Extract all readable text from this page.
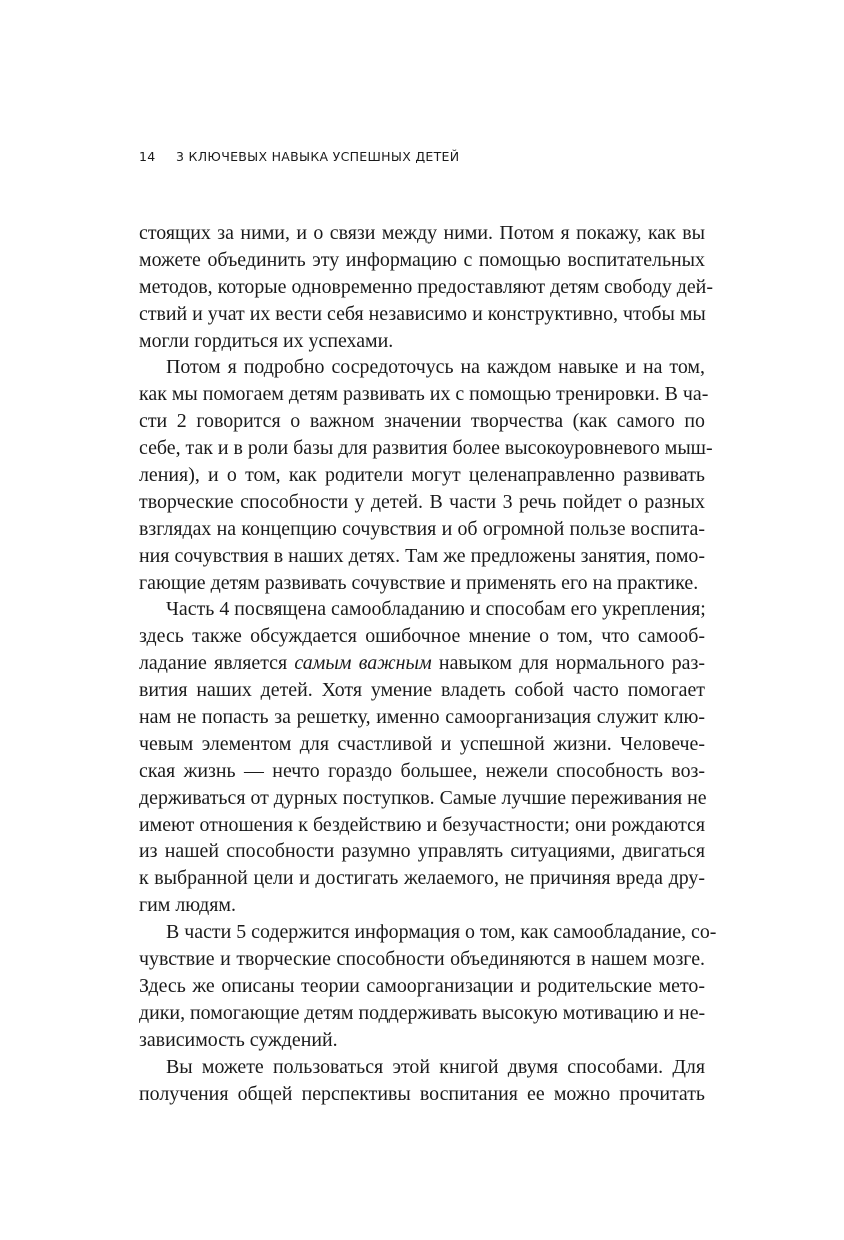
14 3 КЛЮЧЕВЫХ НАВЫКА УСПЕШНЫХ ДЕТЕЙ
стоящих за ними, и о связи между ними. Потом я покажу, как вы
можете объединить эту информацию с помощью воспитательных
методов, которые одновременно предоставляют детям свободу дей-
ствий и учат их вести себя независимо и конструктивно, чтобы мы
могли гордиться их успехами.
Потом я подробно сосредоточусь на каждом навыке и на том,
как мы помогаем детям развивать их с помощью тренировки. В ча-
сти 2 говорится о важном значении творчества (как самого по
себе, так и в роли базы для развития более высокоуровневого мыш-
ления), и о том, как родители могут целенаправленно развивать
творческие способности у детей. В части 3 речь пойдет о разных
взглядах на концепцию сочувствия и об огромной пользе воспита-
ния сочувствия в наших детях. Там же предложены занятия, помо-
гающие детям развивать сочувствие и применять его на практике.
Часть 4 посвящена самообладанию и способам его укрепления;
здесь также обсуждается ошибочное мнение о том, что самооб-
ладание является самым важным навыком для нормального раз-
вития наших детей. Хотя умение владеть собой часто помогает
нам не попасть за решетку, именно самоорганизация служит клю-
чевым элементом для счастливой и успешной жизни. Человече-
ская жизнь — нечто гораздо большее, нежели способность воз-
держиваться от дурных поступков. Самые лучшие переживания не
имеют отношения к бездействию и безучастности; они рождаются
из нашей способности разумно управлять ситуациями, двигаться
к выбранной цели и достигать желаемого, не причиняя вреда дру-
гим людям.
В части 5 содержится информация о том, как самообладание, со-
чувствие и творческие способности объединяются в нашем мозге.
Здесь же описаны теории самоорганизации и родительские мето-
дики, помогающие детям поддерживать высокую мотивацию и не-
зависимость суждений.
Вы можете пользоваться этой книгой двумя способами. Для
получения общей перспективы воспитания ее можно прочитать
